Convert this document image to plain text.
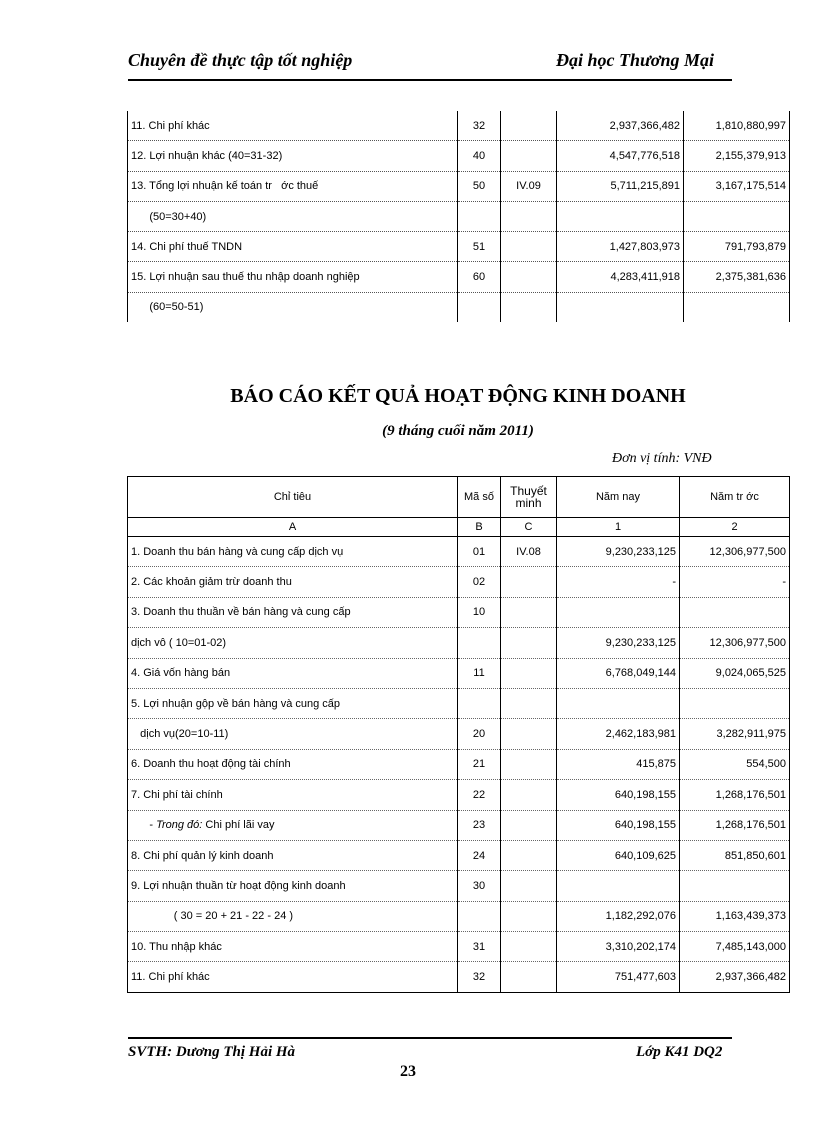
Chuyên đề thực tập tốt nghiệp	Đại học Thương Mại
11. Chi phí khác	32		2,937,366,482	1,810,880,997
12. Lợi nhuận khác (40=31-32)	40		4,547,776,518	2,155,379,913
13. Tổng lợi nhuận kế toán tr   ớc thuế	50	IV.09	5,711,215,891	3,167,175,514
(50=30+40)				
14. Chi phí thuế TNDN	51		1,427,803,973	791,793,879
15. Lợi nhuận sau thuế thu nhập doanh nghiệp	60		4,283,411,918	2,375,381,636
(60=50-51)				
BÁO CÁO KẾT QUẢ HOẠT ĐỘNG KINH DOANH
(9 tháng cuối năm 2011)
Đơn vị tính: VNĐ
Chỉ tiêu	Mã số	Thuyết minh	Năm nay	Năm tr ớc
A	B	C	1	2
1. Doanh thu bán hàng và cung cấp dịch vụ	01	IV.08	9,230,233,125	12,306,977,500
2. Các khoản giảm trừ doanh thu	02		-	-
3. Doanh thu thuần về bán hàng và cung cấp	10			
dịch vô ( 10=01-02)			9,230,233,125	12,306,977,500
4. Giá vốn hàng bán	11		6,768,049,144	9,024,065,525
5. Lợi nhuận gộp về bán hàng và cung cấp				
dịch vụ(20=10-11)	20		2,462,183,981	3,282,911,975
6. Doanh thu hoạt động tài chính	21		415,875	554,500
7. Chi phí tài chính	22		640,198,155	1,268,176,501
- Trong đó: Chi phí lãi vay	23		640,198,155	1,268,176,501
8. Chi phí quản lý kinh doanh	24		640,109,625	851,850,601
9. Lợi nhuận thuần từ hoạt động kinh doanh	30			
( 30 = 20 + 21 - 22 - 24 )			1,182,292,076	1,163,439,373
10. Thu nhập khác	31		3,310,202,174	7,485,143,000
11. Chi phí khác	32		751,477,603	2,937,366,482
SVTH: Dương Thị Hải Hà	Lớp K41 DQ2
23
